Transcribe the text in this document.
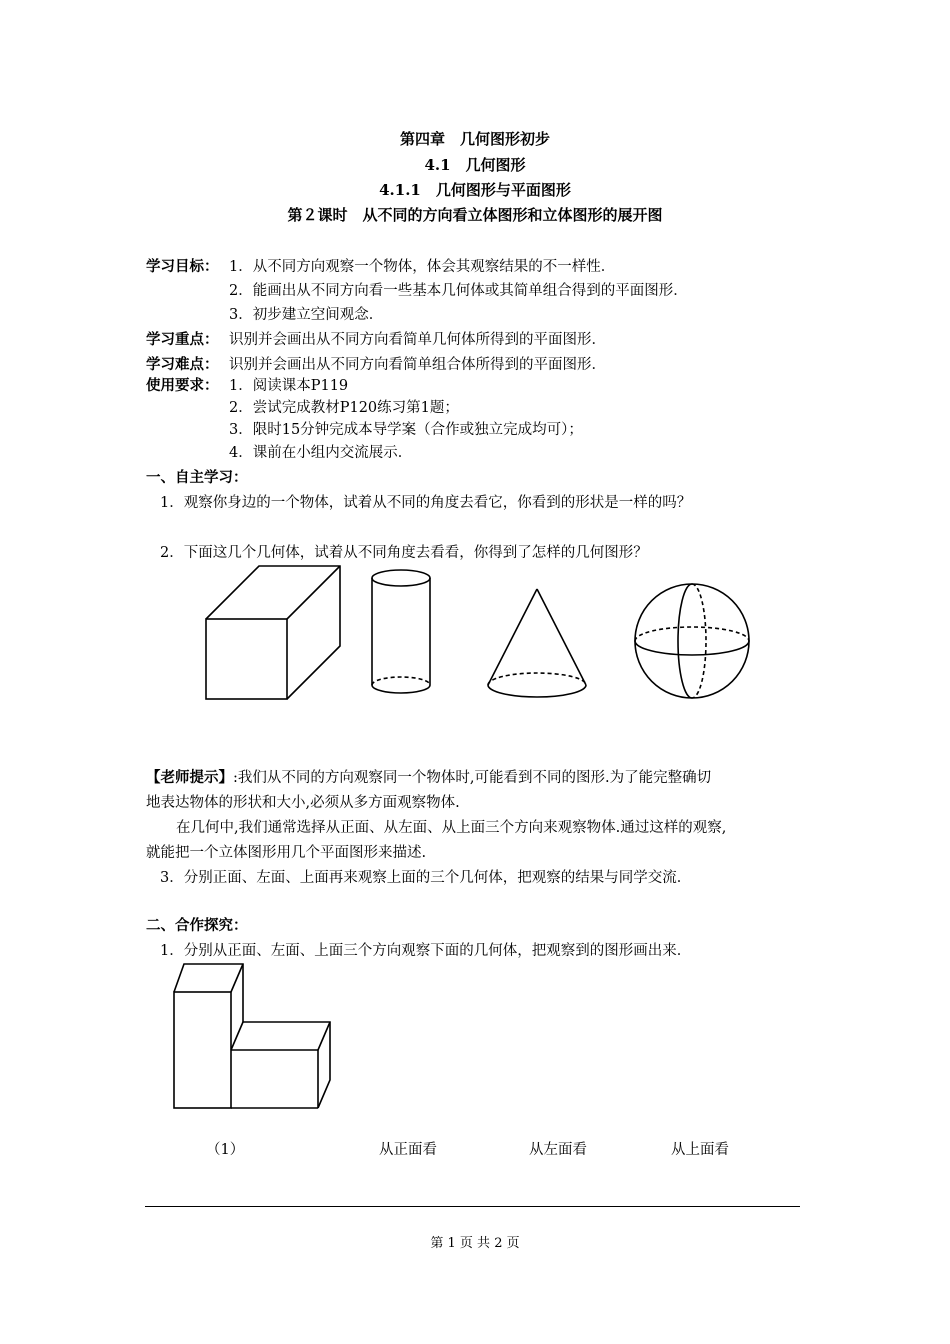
第四章　几何图形初步
4.1　几何图形
4.1.1　几何图形与平面图形
第２课时　从不同的方向看立体图形和立体图形的展开图
学习目标： 1．从不同方向观察一个物体，体会其观察结果的不一样性．
2．能画出从不同方向看一些基本几何体或其简单组合得到的平面图形．
3．初步建立空间观念．
学习重点： 识别并会画出从不同方向看简单几何体所得到的平面图形．
学习难点： 识别并会画出从不同方向看简单组合体所得到的平面图形．
使用要求： 1．阅读课本P119
2．尝试完成教材P120练习第1题；
3．限时15分钟完成本导学案（合作或独立完成均可）；
4．课前在小组内交流展示．
一、自主学习：
1．观察你身边的一个物体，试着从不同的角度去看它，你看到的形状是一样的吗？
2．下面这几个几何体，试着从不同角度去看看，你得到了怎样的几何图形？
【老师提示】:我们从不同的方向观察同一个物体时,可能看到不同的图形.为了能完整确切
地表达物体的形状和大小,必须从多方面观察物体.
在几何中,我们通常选择从正面、从左面、从上面三个方向来观察物体.通过这样的观察,
就能把一个立体图形用几个平面图形来描述.
3．分别正面、左面、上面再来观察上面的三个几何体，把观察的结果与同学交流．
二、合作探究：
1．分别从正面、左面、上面三个方向观察下面的几何体，把观察到的图形画出来．
（1）	从正面看	从左面看	从上面看
第 1 页 共 2 页
